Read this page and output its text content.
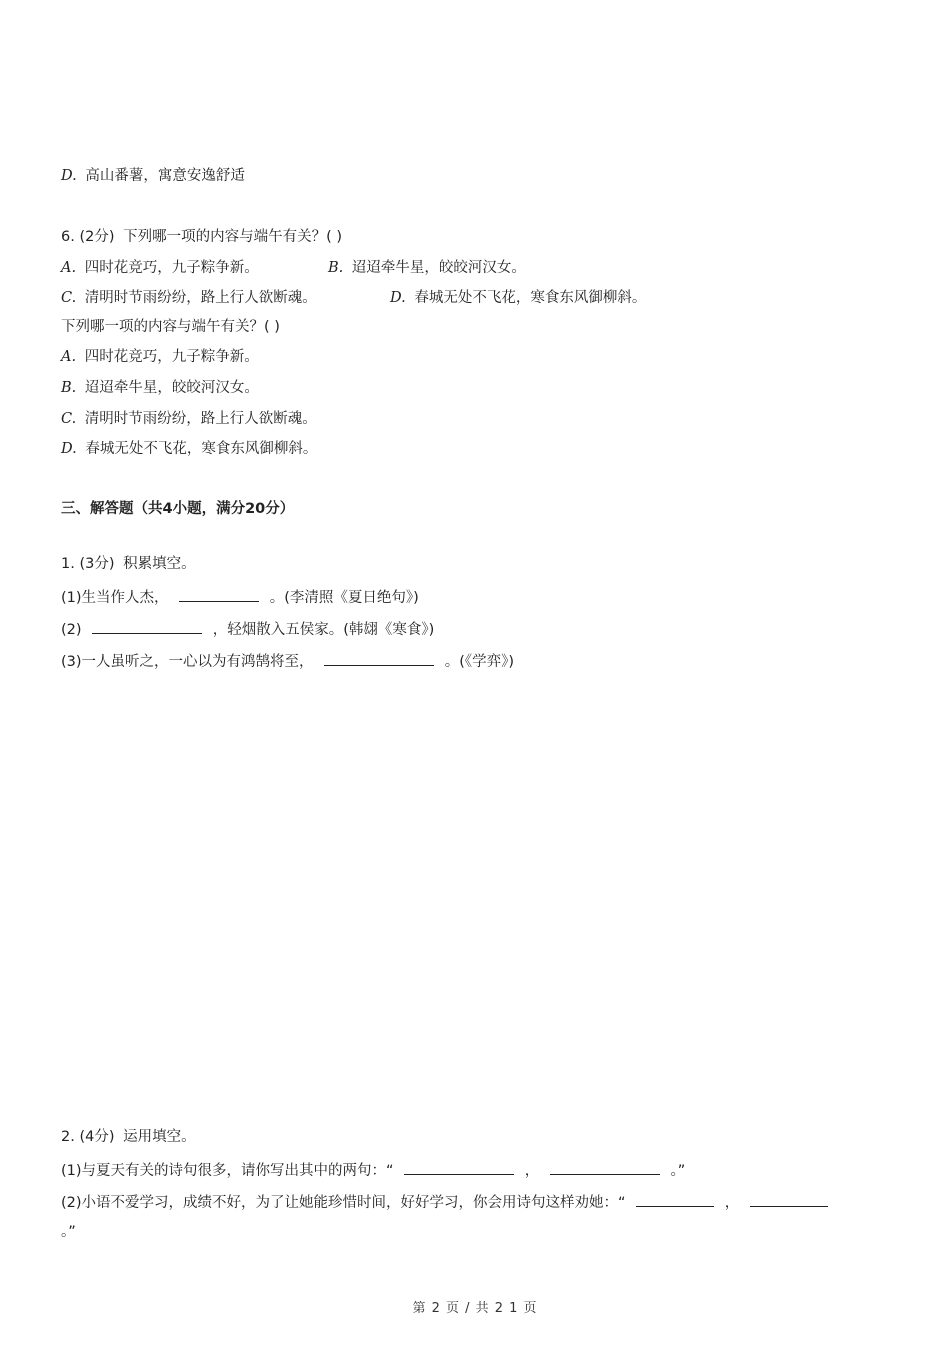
D. 高山番薯，寓意安逸舒适
6. (2分) 下列哪一项的内容与端午有关？( )
A. 四时花竞巧，九子粽争新。	B. 迢迢牵牛星，皎皎河汉女。
C. 清明时节雨纷纷，路上行人欲断魂。	D. 春城无处不飞花，寒食东风御柳斜。
下列哪一项的内容与端午有关？( )
A. 四时花竞巧，九子粽争新。
B. 迢迢牵牛星，皎皎河汉女。
C. 清明时节雨纷纷，路上行人欲断魂。
D. 春城无处不飞花，寒食东风御柳斜。
三、解答题（共4小题，满分20分）
1. (3分) 积累填空。
(1)生当作人杰，	。(李清照《夏日绝句》)
(2)	，轻烟散入五侯家。(韩翃《寒食》)
(3)一人虽听之，一心以为有鸿鹄将至，	。(《学弈》)
2. (4分) 运用填空。
(1)与夏天有关的诗句很多，请你写出其中的两句：“	，	。”
(2)小语不爱学习，成绩不好，为了让她能珍惜时间，好好学习，你会用诗句这样劝她：“	，
。”
第 2 页 / 共 2 1 页
